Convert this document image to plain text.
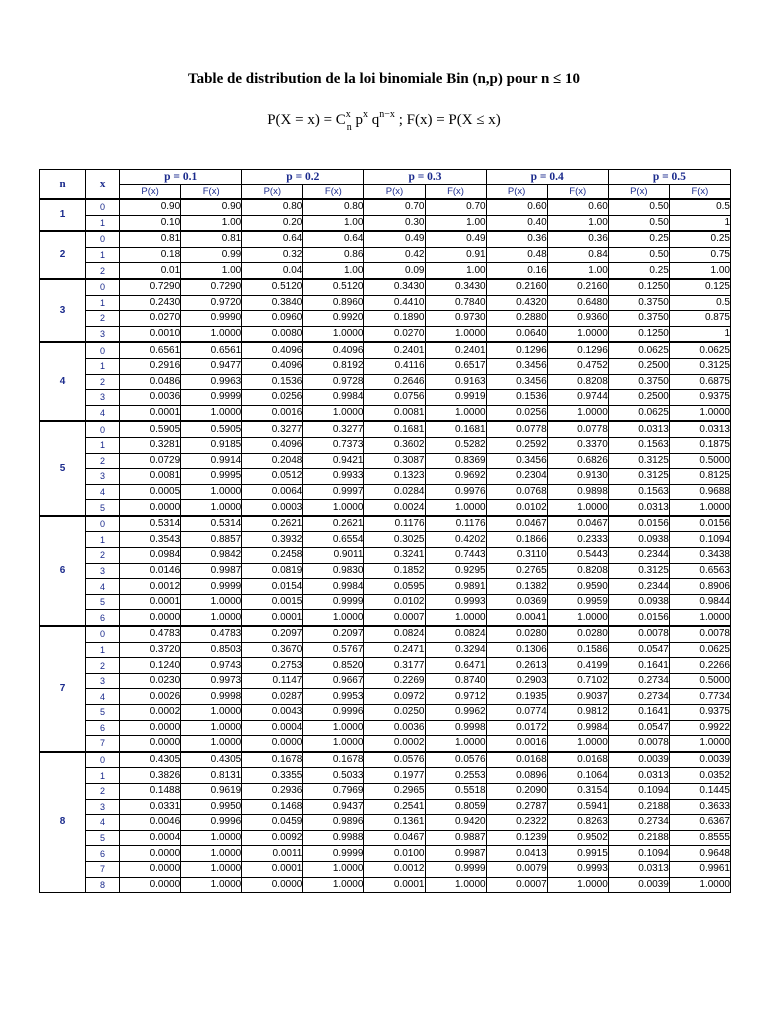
Table de distribution de la loi binomiale Bin (n,p) pour n ≤ 10
$P(X = x) = C^x_n$ $p^x$ $q^{n-x}$ ; F(x) = P(X ≤ x)
n	x	p = 0.1		p = 0.2		p = 0.3		p = 0.4		p = 0.5	
		P(x)	F(x)	P(x)	F(x)	P(x)	F(x)	P(x)	F(x)	P(x)	F(x)
1	0	0.90	0.90	0.80	0.80	0.70	0.70	0.60	0.60	0.50	0.5
	1	0.10	1.00	0.20	1.00	0.30	1.00	0.40	1.00	0.50	1
2	0	0.81	0.81	0.64	0.64	0.49	0.49	0.36	0.36	0.25	0.25
	1	0.18	0.99	0.32	0.86	0.42	0.91	0.48	0.84	0.50	0.75
	2	0.01	1.00	0.04	1.00	0.09	1.00	0.16	1.00	0.25	1.00
3	0	0.7290	0.7290	0.5120	0.5120	0.3430	0.3430	0.2160	0.2160	0.1250	0.125
	1	0.2430	0.9720	0.3840	0.8960	0.4410	0.7840	0.4320	0.6480	0.3750	0.5
	2	0.0270	0.9990	0.0960	0.9920	0.1890	0.9730	0.2880	0.9360	0.3750	0.875
	3	0.0010	1.0000	0.0080	1.0000	0.0270	1.0000	0.0640	1.0000	0.1250	1
4	0	0.6561	0.6561	0.4096	0.4096	0.2401	0.2401	0.1296	0.1296	0.0625	0.0625
	1	0.2916	0.9477	0.4096	0.8192	0.4116	0.6517	0.3456	0.4752	0.2500	0.3125
	2	0.0486	0.9963	0.1536	0.9728	0.2646	0.9163	0.3456	0.8208	0.3750	0.6875
	3	0.0036	0.9999	0.0256	0.9984	0.0756	0.9919	0.1536	0.9744	0.2500	0.9375
	4	0.0001	1.0000	0.0016	1.0000	0.0081	1.0000	0.0256	1.0000	0.0625	1.0000
5	0	0.5905	0.5905	0.3277	0.3277	0.1681	0.1681	0.0778	0.0778	0.0313	0.0313
	1	0.3281	0.9185	0.4096	0.7373	0.3602	0.5282	0.2592	0.3370	0.1563	0.1875
	2	0.0729	0.9914	0.2048	0.9421	0.3087	0.8369	0.3456	0.6826	0.3125	0.5000
	3	0.0081	0.9995	0.0512	0.9933	0.1323	0.9692	0.2304	0.9130	0.3125	0.8125
	4	0.0005	1.0000	0.0064	0.9997	0.0284	0.9976	0.0768	0.9898	0.1563	0.9688
	5	0.0000	1.0000	0.0003	1.0000	0.0024	1.0000	0.0102	1.0000	0.0313	1.0000
6	0	0.5314	0.5314	0.2621	0.2621	0.1176	0.1176	0.0467	0.0467	0.0156	0.0156
	1	0.3543	0.8857	0.3932	0.6554	0.3025	0.4202	0.1866	0.2333	0.0938	0.1094
	2	0.0984	0.9842	0.2458	0.9011	0.3241	0.7443	0.3110	0.5443	0.2344	0.3438
	3	0.0146	0.9987	0.0819	0.9830	0.1852	0.9295	0.2765	0.8208	0.3125	0.6563
	4	0.0012	0.9999	0.0154	0.9984	0.0595	0.9891	0.1382	0.9590	0.2344	0.8906
	5	0.0001	1.0000	0.0015	0.9999	0.0102	0.9993	0.0369	0.9959	0.0938	0.9844
	6	0.0000	1.0000	0.0001	1.0000	0.0007	1.0000	0.0041	1.0000	0.0156	1.0000
7	0	0.4783	0.4783	0.2097	0.2097	0.0824	0.0824	0.0280	0.0280	0.0078	0.0078
	1	0.3720	0.8503	0.3670	0.5767	0.2471	0.3294	0.1306	0.1586	0.0547	0.0625
	2	0.1240	0.9743	0.2753	0.8520	0.3177	0.6471	0.2613	0.4199	0.1641	0.2266
	3	0.0230	0.9973	0.1147	0.9667	0.2269	0.8740	0.2903	0.7102	0.2734	0.5000
	4	0.0026	0.9998	0.0287	0.9953	0.0972	0.9712	0.1935	0.9037	0.2734	0.7734
	5	0.0002	1.0000	0.0043	0.9996	0.0250	0.9962	0.0774	0.9812	0.1641	0.9375
	6	0.0000	1.0000	0.0004	1.0000	0.0036	0.9998	0.0172	0.9984	0.0547	0.9922
	7	0.0000	1.0000	0.0000	1.0000	0.0002	1.0000	0.0016	1.0000	0.0078	1.0000
8	0	0.4305	0.4305	0.1678	0.1678	0.0576	0.0576	0.0168	0.0168	0.0039	0.0039
	1	0.3826	0.8131	0.3355	0.5033	0.1977	0.2553	0.0896	0.1064	0.0313	0.0352
	2	0.1488	0.9619	0.2936	0.7969	0.2965	0.5518	0.2090	0.3154	0.1094	0.1445
	3	0.0331	0.9950	0.1468	0.9437	0.2541	0.8059	0.2787	0.5941	0.2188	0.3633
	4	0.0046	0.9996	0.0459	0.9896	0.1361	0.9420	0.2322	0.8263	0.2734	0.6367
	5	0.0004	1.0000	0.0092	0.9988	0.0467	0.9887	0.1239	0.9502	0.2188	0.8555
	6	0.0000	1.0000	0.0011	0.9999	0.0100	0.9987	0.0413	0.9915	0.1094	0.9648
	7	0.0000	1.0000	0.0001	1.0000	0.0012	0.9999	0.0079	0.9993	0.0313	0.9961
	8	0.0000	1.0000	0.0000	1.0000	0.0001	1.0000	0.0007	1.0000	0.0039	1.0000
